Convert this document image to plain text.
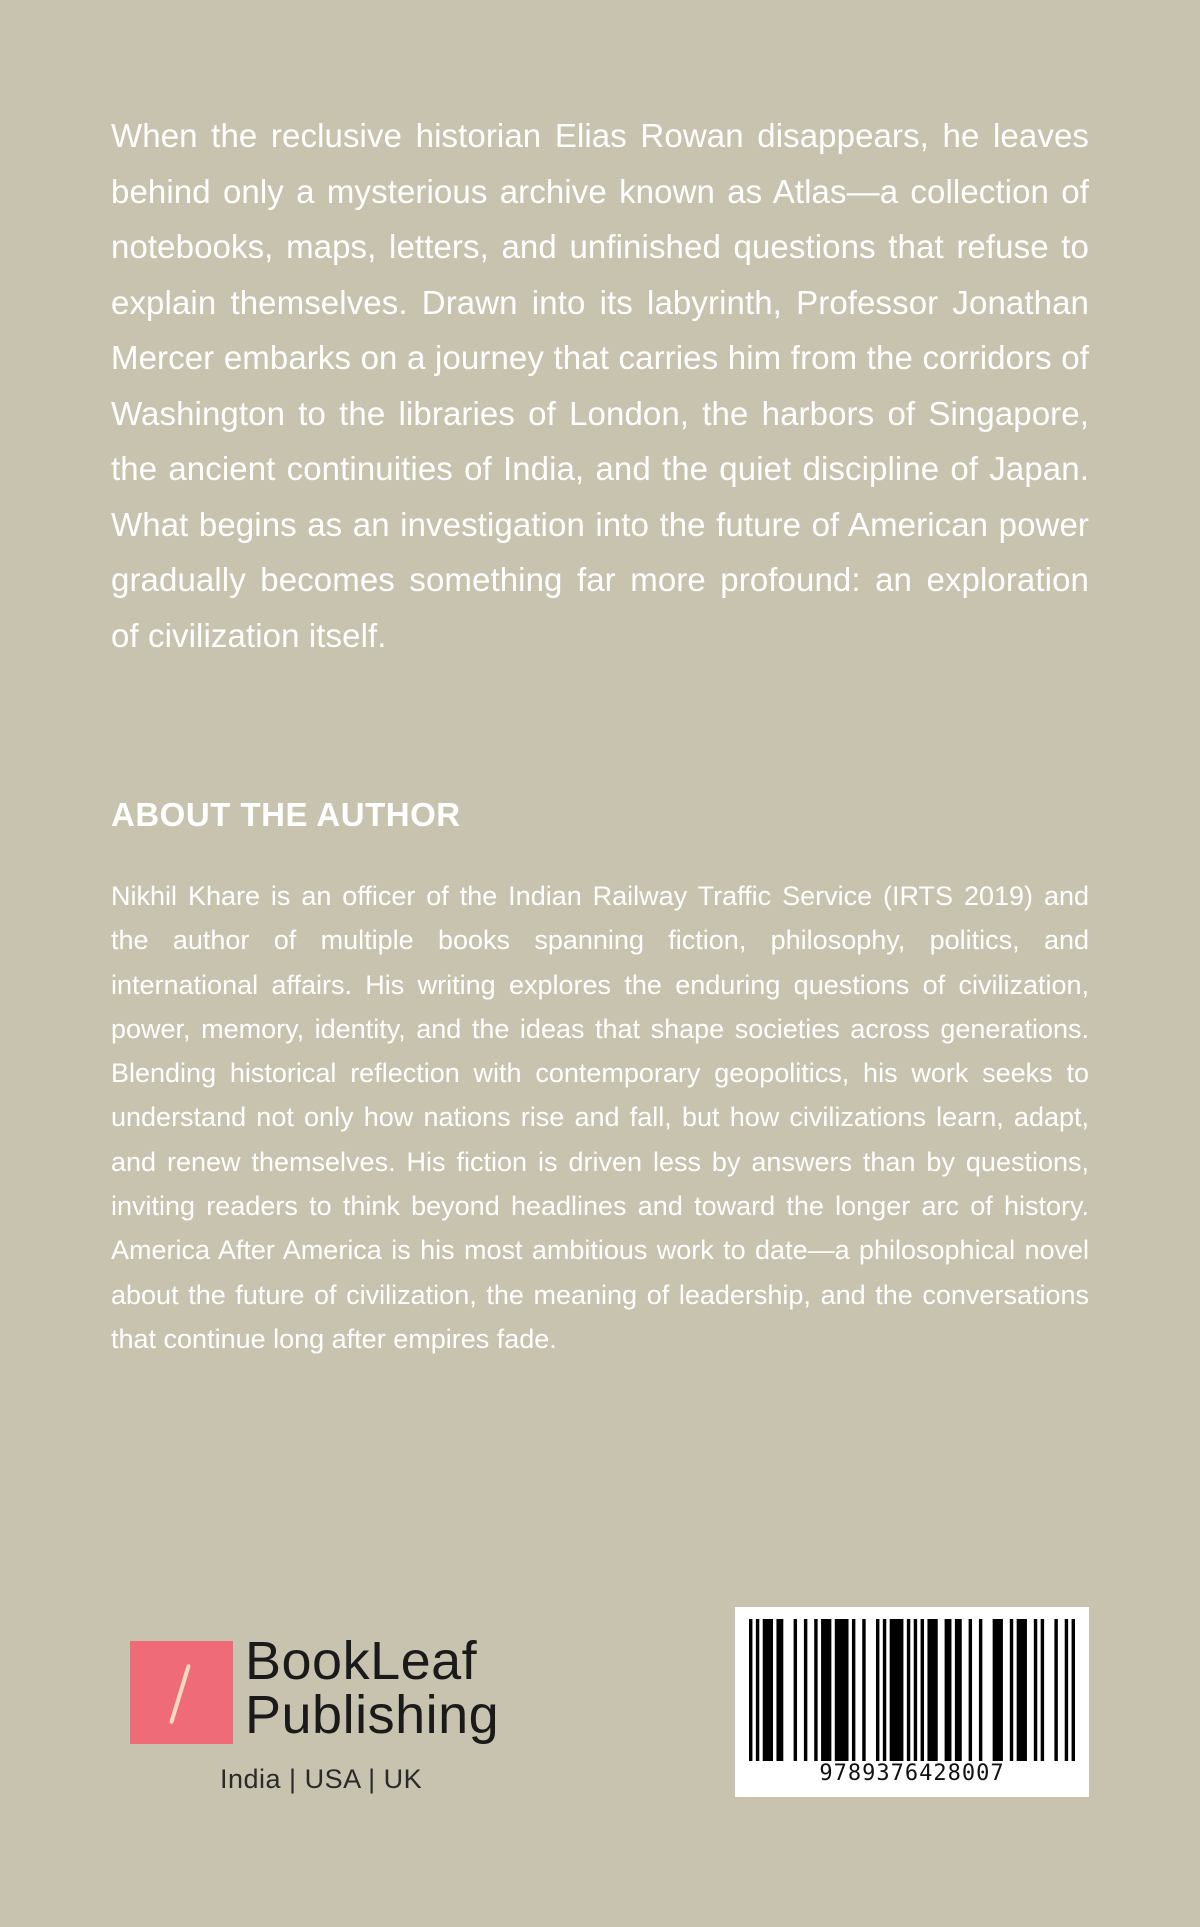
When the reclusive historian Elias Rowan disappears, he leaves behind only a mysterious archive known as Atlas—a collection of notebooks, maps, letters, and unfinished questions that refuse to explain themselves. Drawn into its labyrinth, Professor Jonathan Mercer embarks on a journey that carries him from the corridors of Washington to the libraries of London, the harbors of Singapore, the ancient continuities of India, and the quiet discipline of Japan. What begins as an investigation into the future of American power gradually becomes something far more profound: an exploration of civilization itself.

ABOUT THE AUTHOR

Nikhil Khare is an officer of the Indian Railway Traffic Service (IRTS 2019) and the author of multiple books spanning fiction, philosophy, politics, and international affairs. His writing explores the enduring questions of civilization, power, memory, identity, and the ideas that shape societies across generations. Blending historical reflection with contemporary geopolitics, his work seeks to understand not only how nations rise and fall, but how civilizations learn, adapt, and renew themselves. His fiction is driven less by answers than by questions, inviting readers to think beyond headlines and toward the longer arc of history. America After America is his most ambitious work to date—a philosophical novel about the future of civilization, the meaning of leadership, and the conversations that continue long after empires fade.

BookLeaf
Publishing
India | USA | UK	9789376428007
